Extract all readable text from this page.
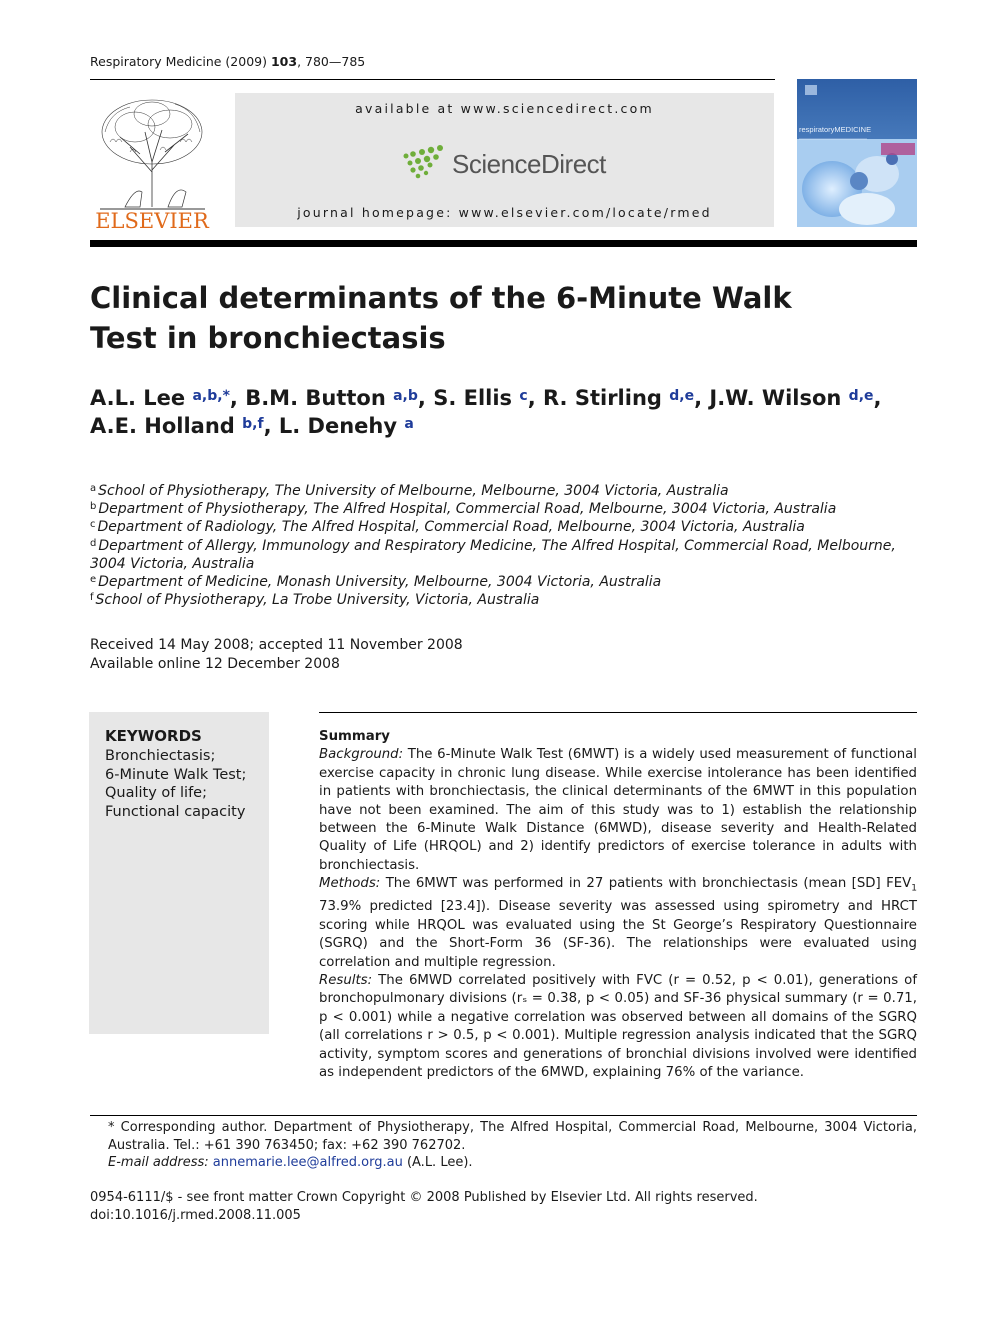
Respiratory Medicine (2009) 103, 780—785
ELSEVIER
available at www.sciencedirect.com
ScienceDirect
journal homepage: www.elsevier.com/locate/rmed
respiratoryMEDICINE
Clinical determinants of the 6-Minute Walk
Test in bronchiectasis
A.L. Lee $^{a,b,*}$, B.M. Button $^{a,b}$, S. Ellis $^c$, R. Stirling $^{d,e}$, J.W. Wilson $^{d,e}$,
A.E. Holland $^{b,f}$, L. Denehy $^a$
$^a$ School of Physiotherapy, The University of Melbourne, Melbourne, 3004 Victoria, Australia
$^b$ Department of Physiotherapy, The Alfred Hospital, Commercial Road, Melbourne, 3004 Victoria, Australia
$^c$ Department of Radiology, The Alfred Hospital, Commercial Road, Melbourne, 3004 Victoria, Australia
$^d$ Department of Allergy, Immunology and Respiratory Medicine, The Alfred Hospital, Commercial Road, Melbourne, 3004 Victoria, Australia
$^e$ Department of Medicine, Monash University, Melbourne, 3004 Victoria, Australia
$^f$ School of Physiotherapy, La Trobe University, Victoria, Australia
Received 14 May 2008; accepted 11 November 2008
Available online 12 December 2008
KEYWORDS
Bronchiectasis;
6-Minute Walk Test;
Quality of life;
Functional capacity
Summary

Background: The 6-Minute Walk Test (6MWT) is a widely used measurement of functional exercise capacity in chronic lung disease. While exercise intolerance has been identified in patients with bronchiectasis, the clinical determinants of the 6MWT in this population have not been examined. The aim of this study was to 1) establish the relationship between the 6-Minute Walk Distance (6MWD), disease severity and Health-Related Quality of Life (HRQOL) and 2) identify predictors of exercise tolerance in adults with bronchiectasis.

Methods: The 6MWT was performed in 27 patients with bronchiectasis (mean [SD] $FEV_1$ 73.9% predicted [23.4]). Disease severity was assessed using spirometry and HRCT scoring while HRQOL was evaluated using the St George’s Respiratory Questionnaire (SGRQ) and the Short-Form 36 (SF-36). The relationships were evaluated using correlation and multiple regression.

Results: The 6MWD correlated positively with FVC (r = 0.52, p < 0.01), generations of bronchopulmonary divisions (rₛ = 0.38, p < 0.05) and SF-36 physical summary (r = 0.71, p < 0.001) while a negative correlation was observed between all domains of the SGRQ (all correlations r > 0.5, p < 0.001). Multiple regression analysis indicated that the SGRQ activity, symptom scores and generations of bronchial divisions involved were identified as independent predictors of the 6MWD, explaining 76% of the variance.

* Corresponding author. Department of Physiotherapy, The Alfred Hospital, Commercial Road, Melbourne, 3004 Victoria, Australia. Tel.: +61 390 763450; fax: +62 390 762702.
E-mail address: annemarie.lee@alfred.org.au (A.L. Lee).
0954-6111/$ - see front matter Crown Copyright © 2008 Published by Elsevier Ltd. All rights reserved.
doi:10.1016/j.rmed.2008.11.005
